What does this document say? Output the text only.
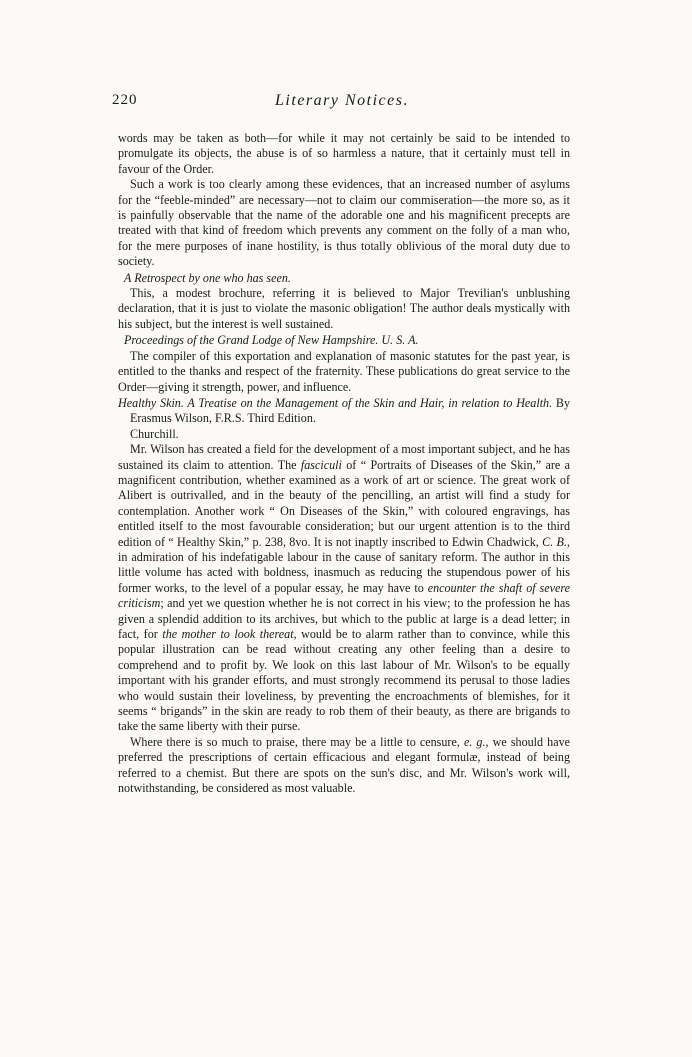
220	Literary Notices.

words may be taken as both—for while it may not certainly be said to be intended to promulgate its objects, the abuse is of so harmless a nature, that it certainly must tell in favour of the Order.

Such a work is too clearly among these evidences, that an increased number of asylums for the “feeble-minded” are necessary—not to claim our commiseration—the more so, as it is painfully observable that the name of the adorable one and his magnificent precepts are treated with that kind of freedom which prevents any comment on the folly of a man who, for the mere purposes of inane hostility, is thus totally oblivious of the moral duty due to society.

A Retrospect by one who has seen.

This, a modest brochure, referring it is believed to Major Trevilian's unblushing declaration, that it is just to violate the masonic obligation! The author deals mystically with his subject, but the interest is well sustained.

Proceedings of the Grand Lodge of New Hampshire. U. S. A.

The compiler of this exportation and explanation of masonic statutes for the past year, is entitled to the thanks and respect of the fraternity. These publications do great service to the Order—giving it strength, power, and influence.

Healthy Skin. A Treatise on the Management of the Skin and Hair, in relation to Health. By Erasmus Wilson, F.R.S. Third Edition.

Churchill.

Mr. Wilson has created a field for the development of a most important subject, and he has sustained its claim to attention. The fasciculi of “ Portraits of Diseases of the Skin,” are a magnificent contribution, whether examined as a work of art or science. The great work of Alibert is outrivalled, and in the beauty of the pencilling, an artist will find a study for contemplation. Another work “ On Diseases of the Skin,” with coloured engravings, has entitled itself to the most favourable consideration; but our urgent attention is to the third edition of “ Healthy Skin,” p. 238, 8vo. It is not inaptly inscribed to Edwin Chadwick, C. B., in admiration of his indefatigable labour in the cause of sanitary reform. The author in this little volume has acted with boldness, inasmuch as reducing the stupendous power of his former works, to the level of a popular essay, he may have to encounter the shaft of severe criticism; and yet we question whether he is not correct in his view; to the profession he has given a splendid addition to its archives, but which to the public at large is a dead letter; in fact, for the mother to look thereat, would be to alarm rather than to convince, while this popular illustration can be read without creating any other feeling than a desire to comprehend and to profit by. We look on this last labour of Mr. Wilson's to be equally important with his grander efforts, and must strongly recommend its perusal to those ladies who would sustain their loveliness, by preventing the encroachments of blemishes, for it seems “ brigands” in the skin are ready to rob them of their beauty, as there are brigands to take the same liberty with their purse.

Where there is so much to praise, there may be a little to censure, e. g., we should have preferred the prescriptions of certain efficacious and elegant formulæ, instead of being referred to a chemist. But there are spots on the sun's disc, and Mr. Wilson's work will, notwithstanding, be considered as most valuable.
